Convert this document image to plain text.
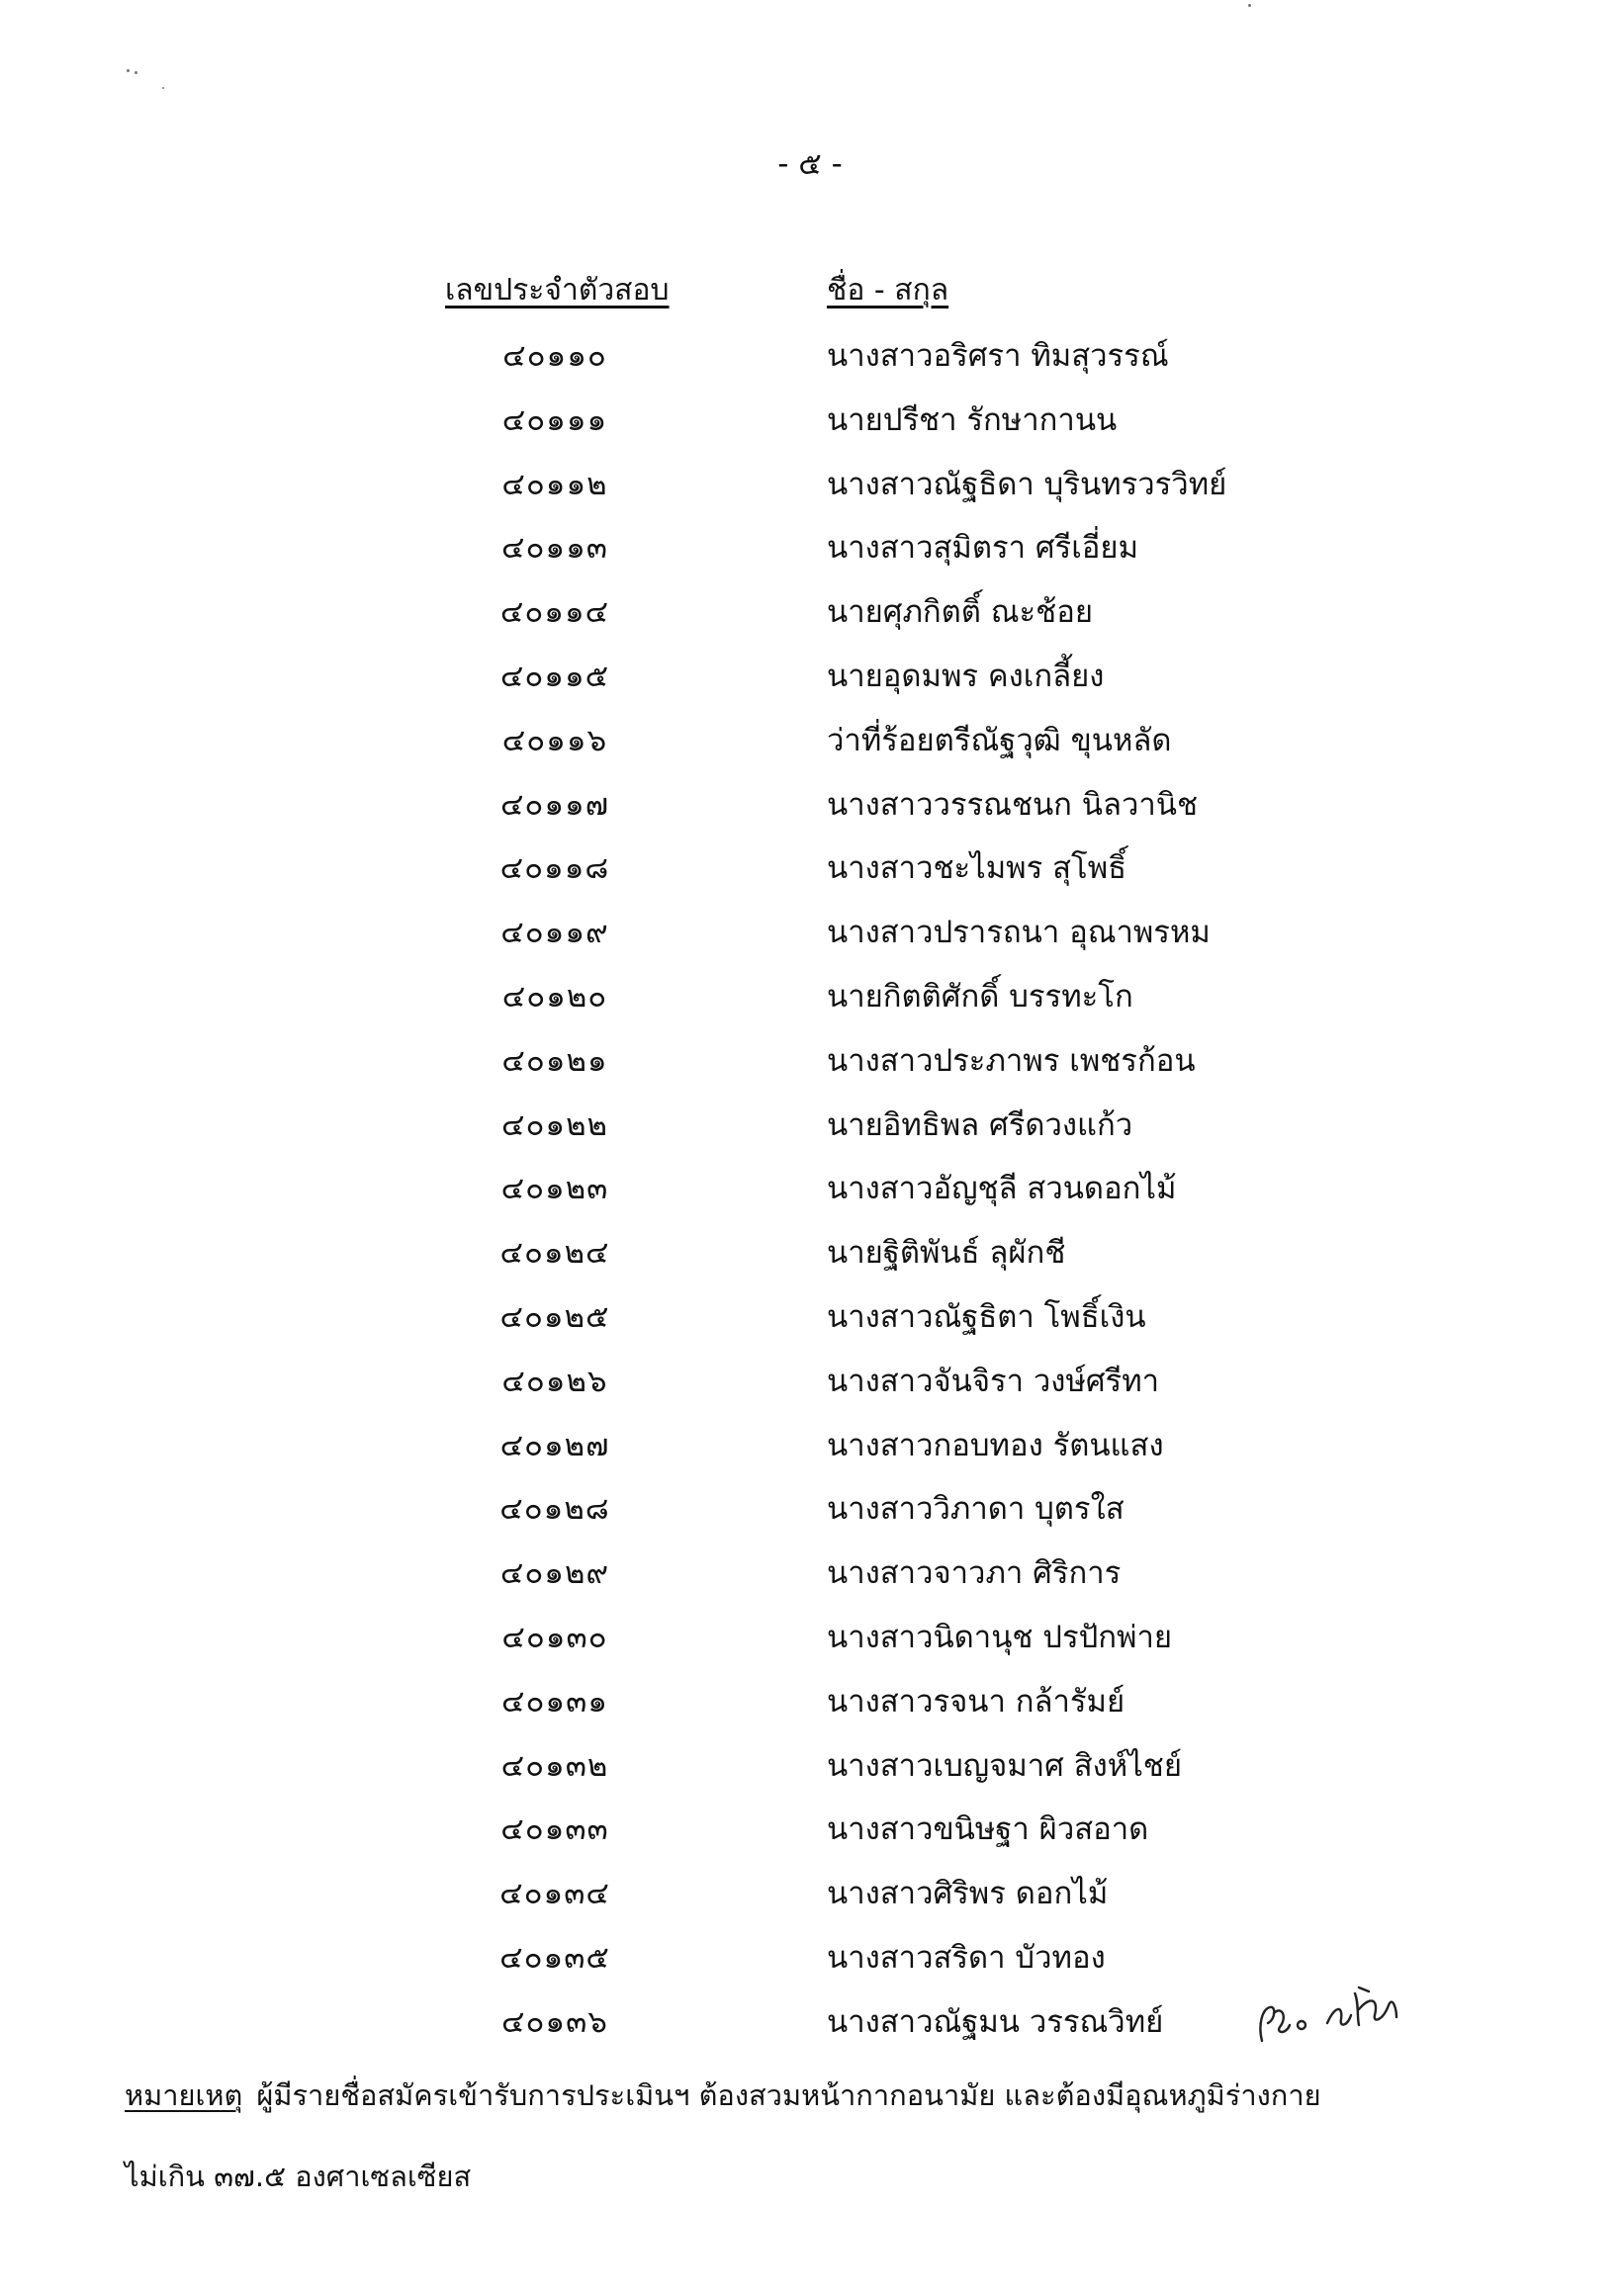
- ๕ -
เลขประจำตัวสอบ	ชื่อ - สกุล
๔๐๑๑๐	นางสาวอริศรา ทิมสุวรรณ์
๔๐๑๑๑	นายปรีชา รักษากานน
๔๐๑๑๒	นางสาวณัฐธิดา บุรินทรวรวิทย์
๔๐๑๑๓	นางสาวสุมิตรา ศรีเอี่ยม
๔๐๑๑๔	นายศุภกิตติ์ ณะช้อย
๔๐๑๑๕	นายอุดมพร คงเกลี้ยง
๔๐๑๑๖	ว่าที่ร้อยตรีณัฐวุฒิ ขุนหลัด
๔๐๑๑๗	นางสาววรรณชนก นิลวานิช
๔๐๑๑๘	นางสาวชะไมพร สุโพธิ์
๔๐๑๑๙	นางสาวปรารถนา อุณาพรหม
๔๐๑๒๐	นายกิตติศักดิ์ บรรทะโก
๔๐๑๒๑	นางสาวประภาพร เพชรก้อน
๔๐๑๒๒	นายอิทธิพล ศรีดวงแก้ว
๔๐๑๒๓	นางสาวอัญชุลี สวนดอกไม้
๔๐๑๒๔	นายฐิติพันธ์ ลุผักชี
๔๐๑๒๕	นางสาวณัฐธิตา โพธิ์เงิน
๔๐๑๒๖	นางสาวจันจิรา วงษ์ศรีทา
๔๐๑๒๗	นางสาวกอบทอง รัตนแสง
๔๐๑๒๘	นางสาววิภาดา บุตรใส
๔๐๑๒๙	นางสาวจาวภา ศิริการ
๔๐๑๓๐	นางสาวนิดานุช ปรปักพ่าย
๔๐๑๓๑	นางสาวรจนา กล้ารัมย์
๔๐๑๓๒	นางสาวเบญจมาศ สิงห์ไชย์
๔๐๑๓๓	นางสาวขนิษฐา ผิวสอาด
๔๐๑๓๔	นางสาวศิริพร ดอกไม้
๔๐๑๓๕	นางสาวสริดา บัวทอง
๔๐๑๓๖	นางสาวณัฐมน วรรณวิทย์

หมายเหตุ ผู้มีรายชื่อสมัครเข้ารับการประเมินฯ ต้องสวมหน้ากากอนามัย และต้องมีอุณหภูมิร่างกาย

ไม่เกิน ๓๗.๕ องศาเซลเซียส
